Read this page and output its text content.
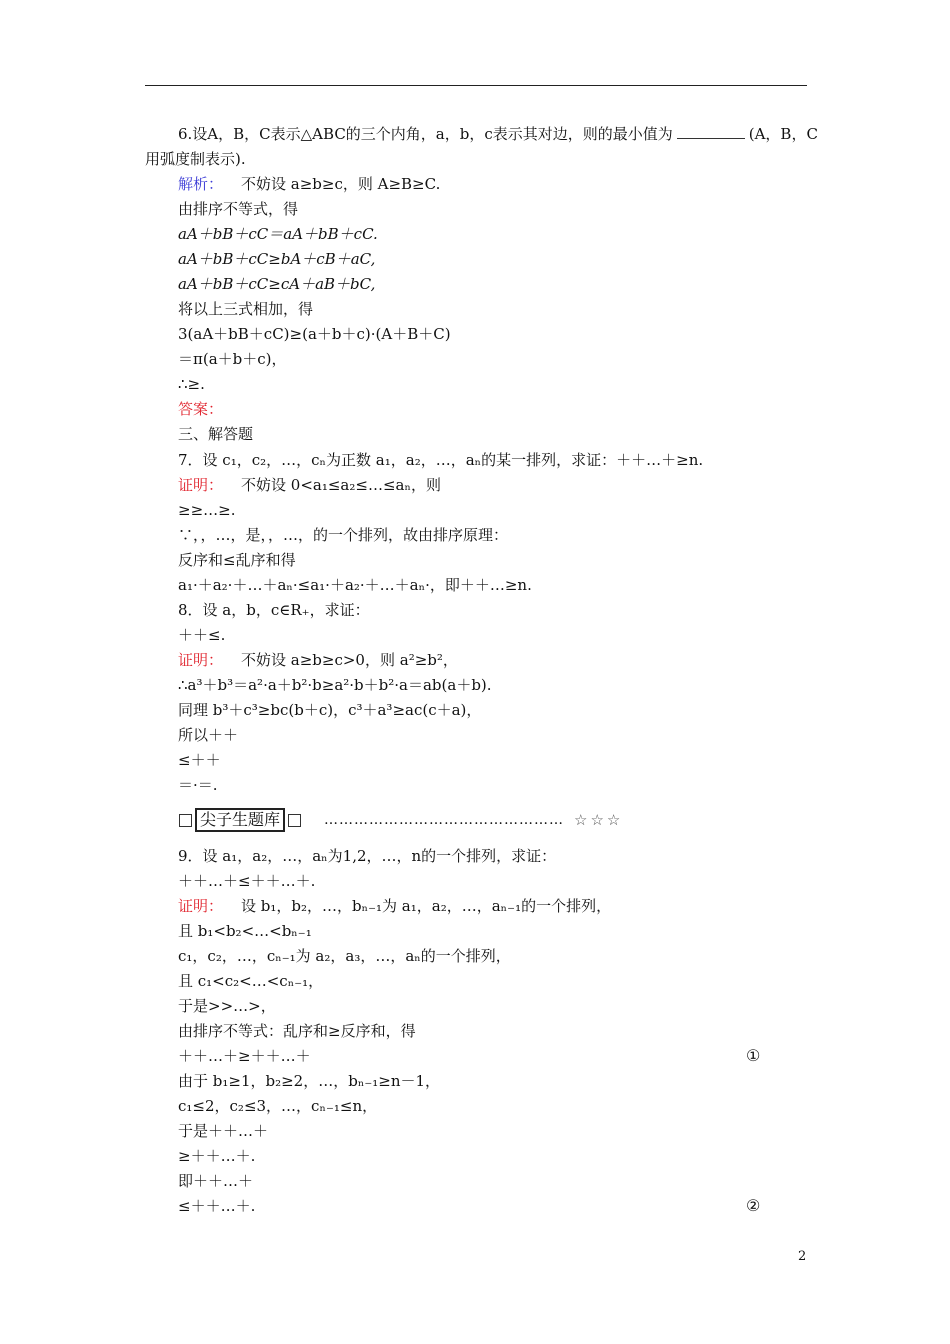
6.设A，B，C表示△ABC的三个内角，a，b，c表示其对边，则的最小值为	(A，B，C
用弧度制表示).
解析： 不妨设 a≥b≥c，则 A≥B≥C.
由排序不等式，得
aA＋bB＋cC＝aA＋bB＋cC.
aA＋bB＋cC≥bA＋cB＋aC,
aA＋bB＋cC≥cA＋aB＋bC,
将以上三式相加，得
3(aA＋bB＋cC)≥(a＋b＋c)·(A＋B＋C)
＝π(a＋b＋c)，
∴≥.
答案：
三、解答题
7．设 c₁，c₂，…，cₙ为正数 a₁，a₂，…，aₙ的某一排列，求证：＋＋…＋≥n.
证明： 不妨设 0<a₁≤a₂≤…≤aₙ，则
≥≥…≥.
∵，，…，是，，…，的一个排列，故由排序原理：
反序和≤乱序和得
a₁·＋a₂·＋…＋aₙ·≤a₁·＋a₂·＋…＋aₙ·，即＋＋…≥n.
8．设 a，b，c∈R₊，求证：
＋＋≤.
证明： 不妨设 a≥b≥c>0，则 a²≥b²，
∴a³＋b³＝a²·a＋b²·b≥a²·b＋b²·a＝ab(a＋b).
同理 b³＋c³≥bc(b＋c)，c³＋a³≥ac(c＋a)，
所以＋＋
≤＋＋
＝·＝.
尖子生题库	………………………………………… ☆☆☆
9．设 a₁，a₂，…，aₙ为1,2，…，n的一个排列，求证：
＋＋…＋≤＋＋…＋.
证明： 设 b₁，b₂，…，bₙ₋₁为 a₁，a₂，…，aₙ₋₁的一个排列，
且 b₁<b₂<…<bₙ₋₁
c₁，c₂，…，cₙ₋₁为 a₂，a₃，…，aₙ的一个排列，
且 c₁<c₂<…<cₙ₋₁，
于是>>…>，
由排序不等式：乱序和≥反序和，得
＋＋…＋≥＋＋…＋	①
由于 b₁≥1，b₂≥2，…，bₙ₋₁≥n－1，
c₁≤2，c₂≤3，…，cₙ₋₁≤n，
于是＋＋…＋
≥＋＋…＋.
即＋＋…＋
≤＋＋…＋.	②
2
